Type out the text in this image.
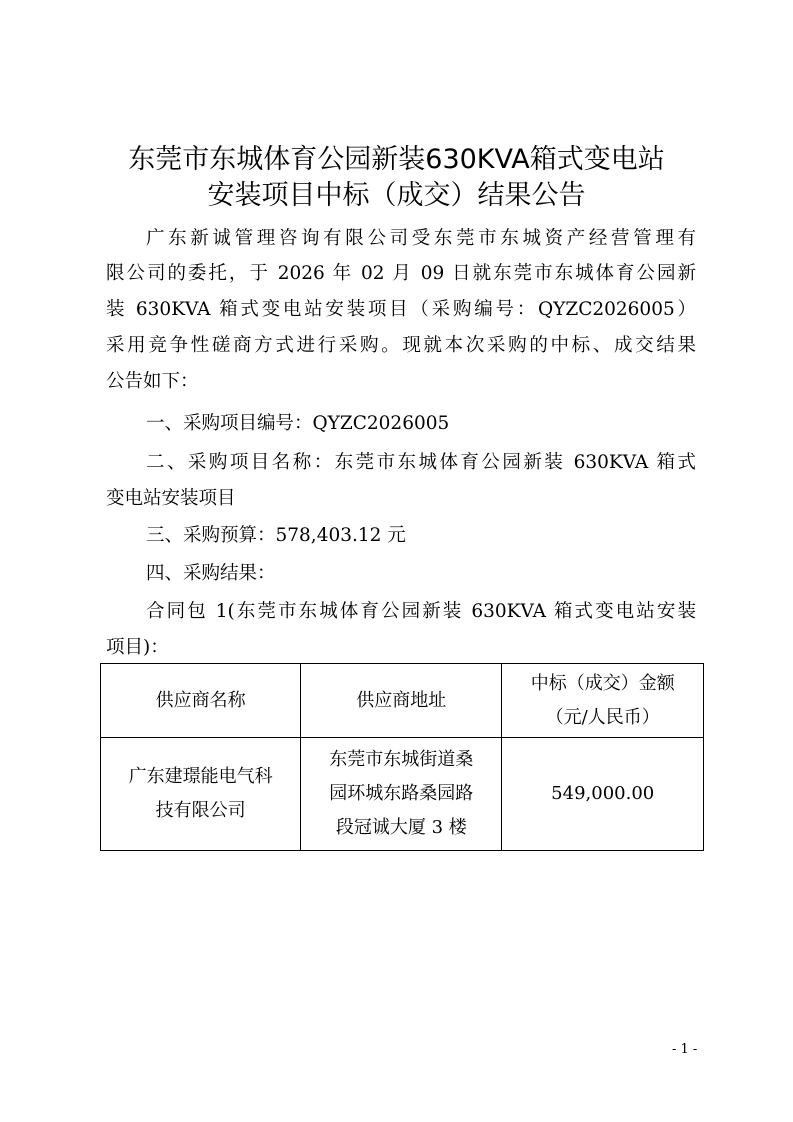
东莞市东城体育公园新装630KVA箱式变电站
安装项目中标（成交）结果公告
广东新诚管理咨询有限公司受东莞市东城资产经营管理有
限公司的委托，于 2026 年 02 月 09 日就东莞市东城体育公园新
装 630KVA 箱式变电站安装项目（采购编号：QYZC2026005）
采用竞争性磋商方式进行采购。现就本次采购的中标、成交结果
公告如下：
一、采购项目编号：QYZC2026005
二、采购项目名称：东莞市东城体育公园新装 630KVA 箱式
变电站安装项目
三、采购预算：578,403.12 元
四、采购结果：
合同包 1(东莞市东城体育公园新装 630KVA 箱式变电站安装
项目)：
供应商名称	供应商地址	中标（成交）金额
（元/人民币）

广东建璟能电气科
技有限公司	东莞市东城街道桑
园环城东路桑园路
段冠诚大厦 3 楼	549,000.00
- 1 -
